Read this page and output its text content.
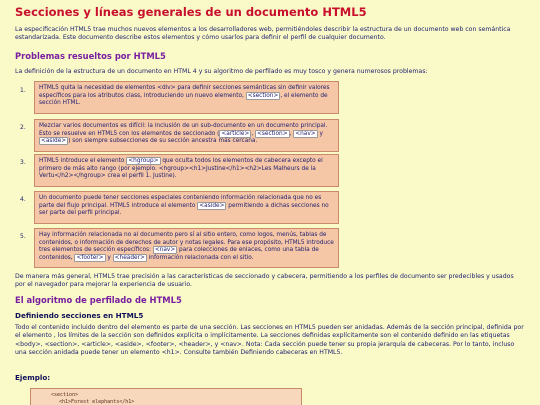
Secciones y líneas generales de un documento HTML5

La especificación HTML5 trae muchos nuevos elementos a los desarrolladores web, permitiéndoles describir la estructura de un documento web con semántica estandarizada. Este documento describe estos elementos y cómo usarlos para definir el perfil de cualquier documento.

Problemas resueltos por HTML5

La definición de la estructura de un documento en HTML 4 y su algoritmo de perfilado es muy tosco y genera numerosos problemas:

1.	HTML5 quita la necesidad de elementos <div> para definir secciones semánticas sin definir valores específicos para los atributos class, introduciendo un nuevo elemento, <section> , el elemento de sección HTML.
2.	Mezclar varios documentos es difícil: la inclusión de un sub-documento en un documento principal. Esto se resuelve en HTML5 con los elementos de seccionado ( <article> , <section> , <nav> y <aside> ) son siempre subsecciones de su sección ancestra más cercana.
3.	HTML5 introduce el elemento <hgroup> que oculta todos los elementos de cabecera excepto el primero de más alto rango (por ejemplo. <hgroup><h1>Justine</h1><h2>Les Malheurs de la Vertu</h2></hgroup> crea el perfil 1. Justine).
4.	Un documento puede tener secciones especiales conteniendo información relacionada que no es parte del flujo principal. HTML5 introduce el elemento <aside> permitiendo a dichas secciones no ser parte del perfil principal.
5.	Hay información relacionada no al documento pero sí al sitio entero, como logos, menús, tablas de contenidos, o información de derechos de autor y notas legales. Para ese propósito, HTML5 introduce tres elementos de sección específicos: <nav> para colecciones de enlaces, como una tabla de contenidos, <footer> y <header> información relacionada con el sitio.

De manera más general, HTML5 trae precisión a las características de seccionado y cabecera, permitiendo a los perfiles de documento ser predecibles y usados por el navegador para mejorar la experiencia de usuario.

El algoritmo de perfilado de HTML5
Definiendo secciones en HTML5

Todo el contenido incluido dentro del elemento es parte de una sección. Las secciones en HTML5 pueden ser anidadas. Además de la sección principal, definida por el elemento , los límites de la sección son definidos explícita o implícitamente. La secciones definidas explícitamente son el contenido definido en las etiquetas <body>, <section>, <article>, <aside>, <footer>, <header>, y <nav>. Nota: Cada sección puede tener su propia jerarquía de cabeceras. Por lo tanto, incluso una sección anidada puede tener un elemento <h1>. Consulte también Definiendo cabeceras en HTML5.

Ejemplo:
<section>
<h1>Forest elephants</h1>
